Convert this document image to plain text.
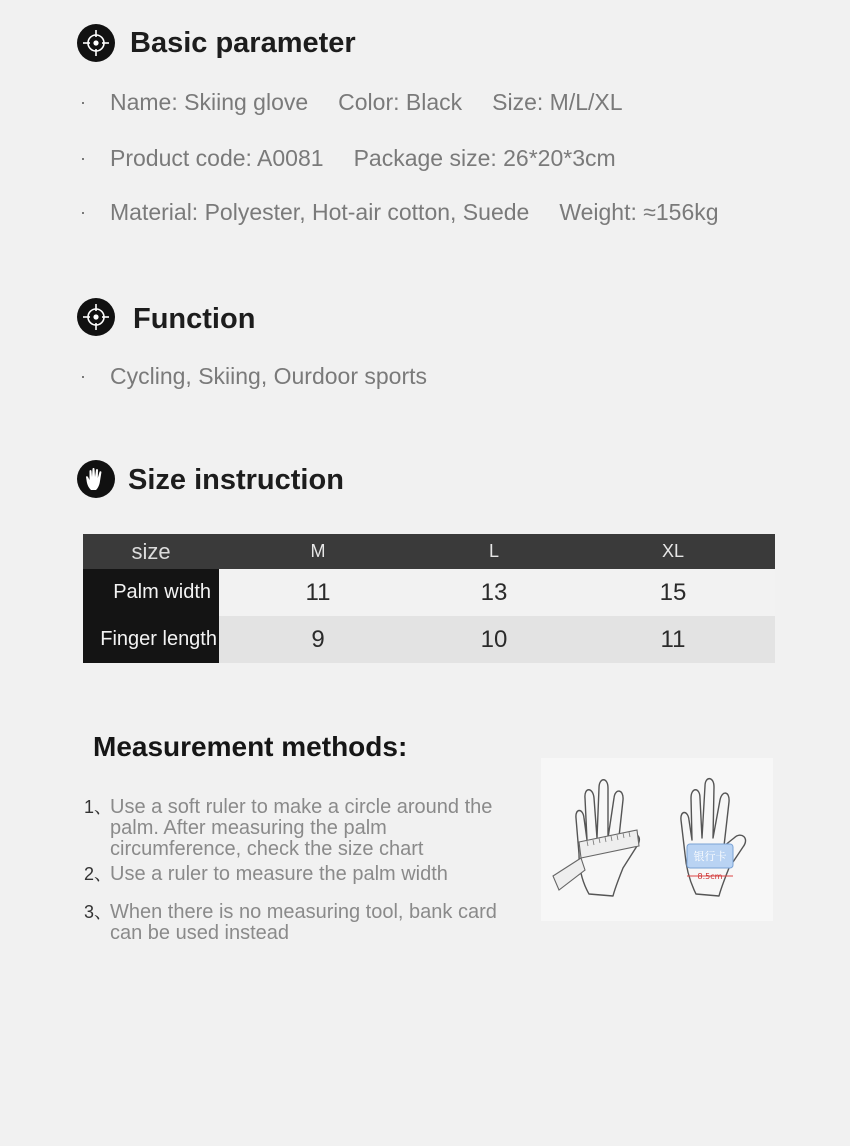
Basic parameter
·	Name: Skiing glove Color: Black Size: M/L/XL
·	Product code: A0081 Package size: 26*20*3cm
·	Material: Polyester, Hot-air cotton, Suede Weight: ≈156kg
Function
·	Cycling, Skiing, Ourdoor sports
Size instruction
size	M	L	XL
Palm width	11	13	15
Finger length	9	10	11
Measurement methods:
1、
Use a soft ruler to make a circle around the palm. After measuring the palm circumference, check the size chart
2、
Use a ruler to measure the palm width
3、
When there is no measuring tool, bank card can be used instead
银行卡
8.5cm
